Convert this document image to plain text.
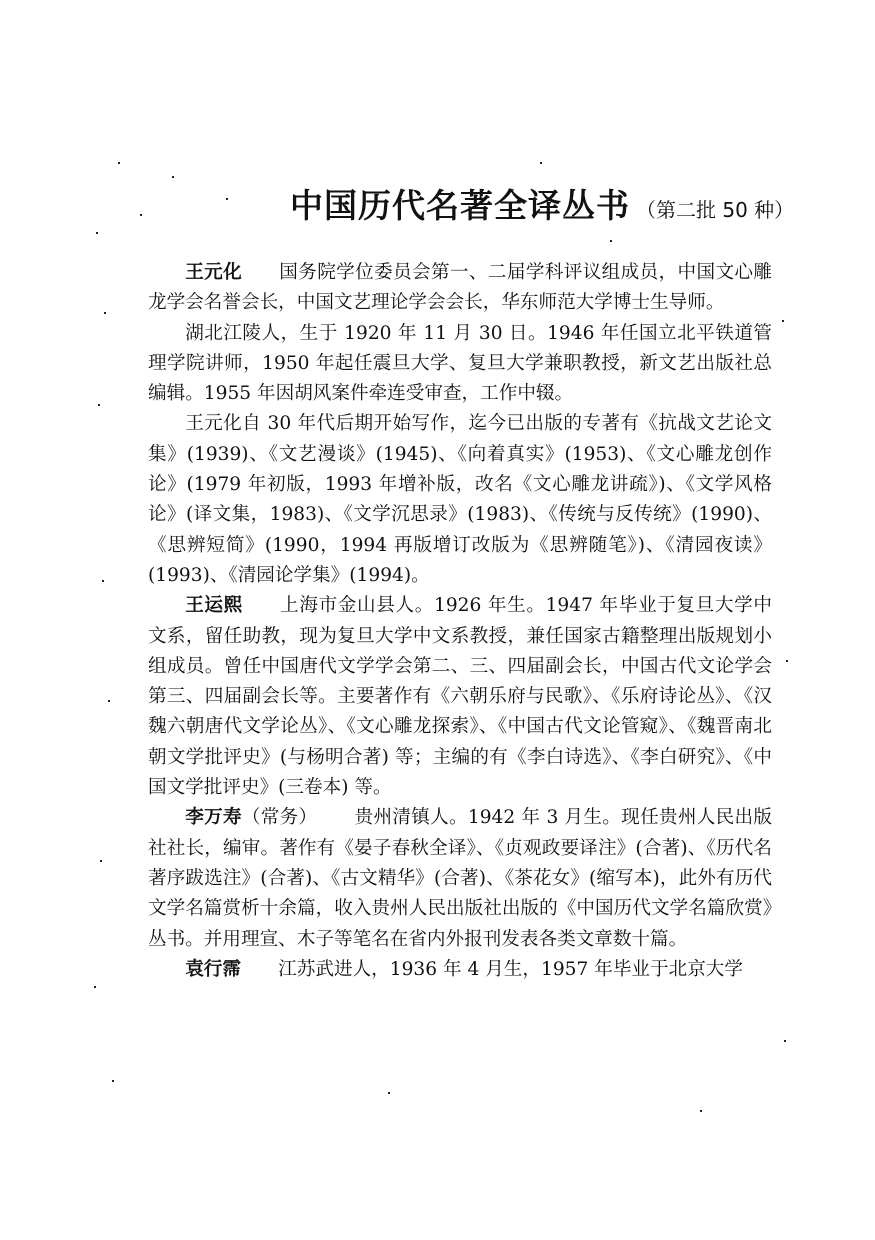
中国历代名著全译丛书 （第二批 50 种）

王元化 国务院学位委员会第一、二届学科评议组成员，中国文心雕龙学会名誉会长，中国文艺理论学会会长，华东师范大学博士生导师。

湖北江陵人，生于 1920 年 11 月 30 日。1946 年任国立北平铁道管理学院讲师，1950 年起任震旦大学、复旦大学兼职教授，新文艺出版社总编辑。1955 年因胡风案件牵连受审查，工作中辍。

王元化自 30 年代后期开始写作，迄今已出版的专著有《抗战文艺论文集》(1939)、《文艺漫谈》(1945)、《向着真实》(1953)、《文心雕龙创作论》(1979 年初版，1993 年增补版，改名《文心雕龙讲疏》)、《文学风格论》(译文集，1983)、《文学沉思录》(1983)、《传统与反传统》(1990)、《思辨短简》(1990，1994 再版增订改版为《思辨随笔》)、《清园夜读》(1993)、《清园论学集》(1994)。

王运熙 上海市金山县人。1926 年生。1947 年毕业于复旦大学中文系，留任助教，现为复旦大学中文系教授，兼任国家古籍整理出版规划小组成员。曾任中国唐代文学学会第二、三、四届副会长，中国古代文论学会第三、四届副会长等。主要著作有《六朝乐府与民歌》、《乐府诗论丛》、《汉魏六朝唐代文学论丛》、《文心雕龙探索》、《中国古代文论管窥》、《魏晋南北朝文学批评史》(与杨明合著) 等；主编的有《李白诗选》、《李白研究》、《中国文学批评史》(三卷本) 等。

李万寿（常务） 贵州清镇人。1942 年 3 月生。现任贵州人民出版社社长，编审。著作有《晏子春秋全译》、《贞观政要译注》(合著)、《历代名著序跋选注》(合著)、《古文精华》(合著)、《茶花女》(缩写本)，此外有历代文学名篇赏析十余篇，收入贵州人民出版社出版的《中国历代文学名篇欣赏》丛书。并用理宣、木子等笔名在省内外报刊发表各类文章数十篇。

袁行霈 江苏武进人，1936 年 4 月生，1957 年毕业于北京大学
